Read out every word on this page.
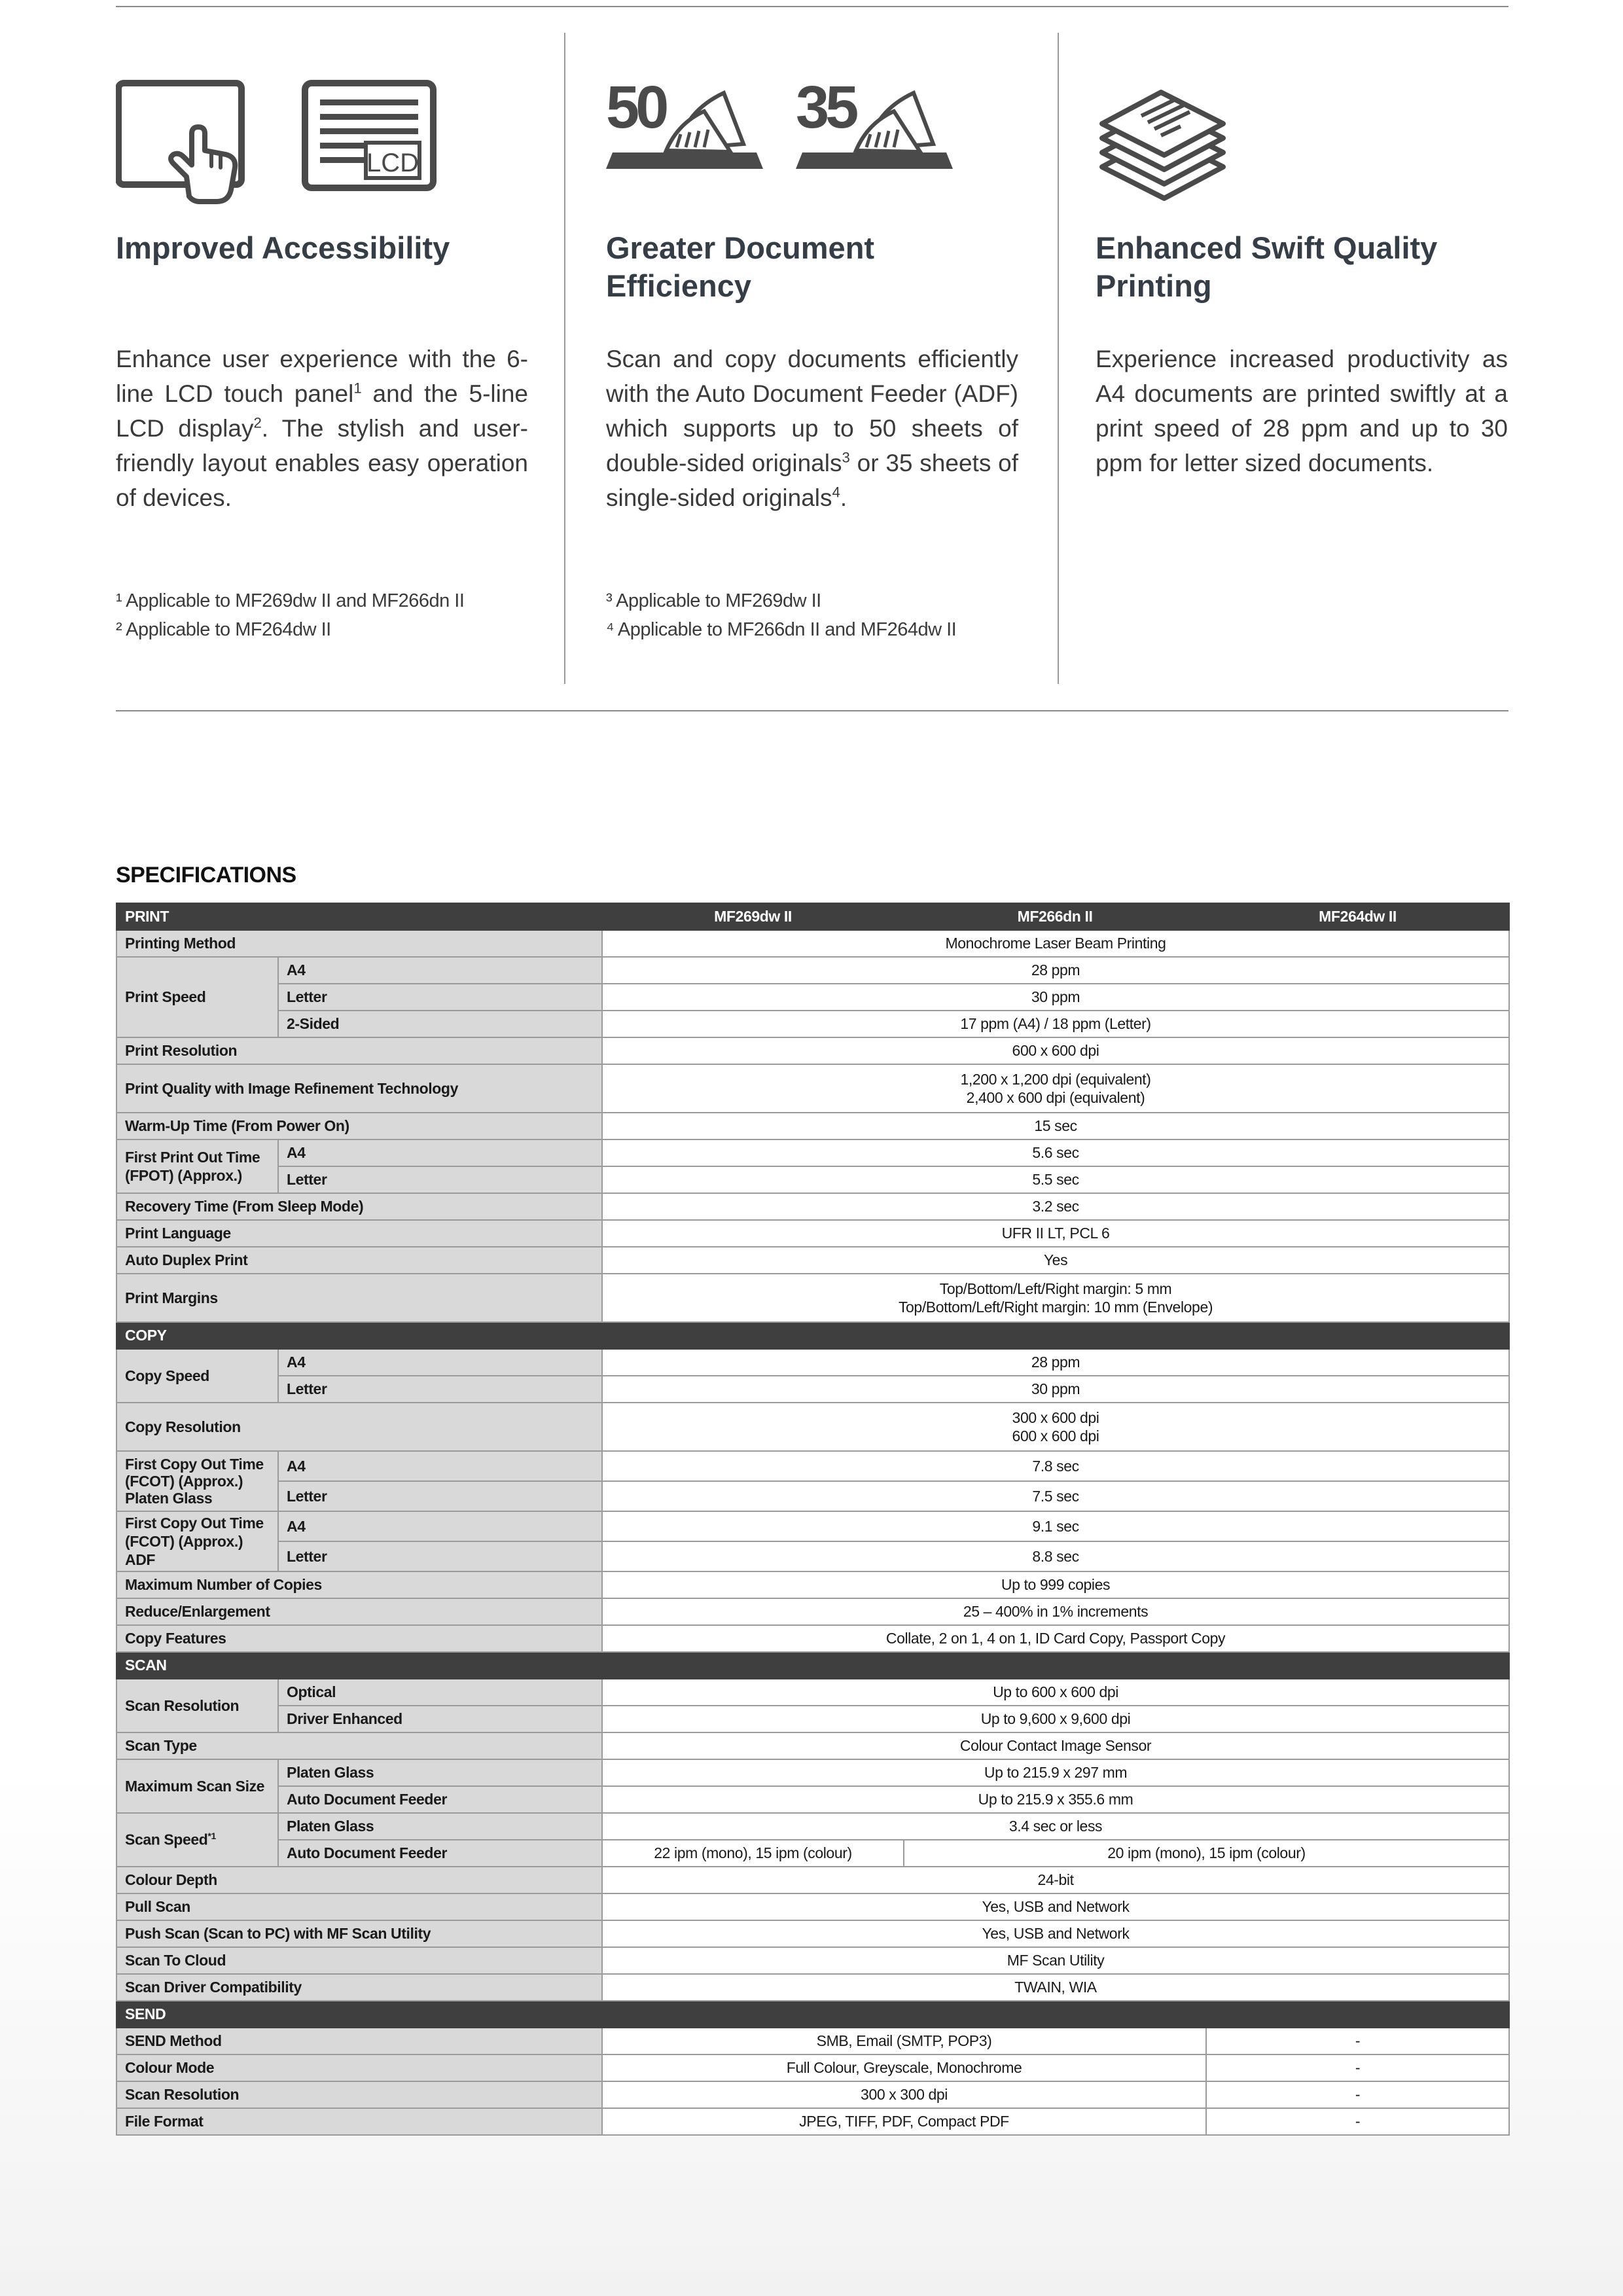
LCD
Improved Accessibility

Enhance user experience with the 6-line LCD touch panel$^1$ and the 5-line LCD display$^2$. The stylish and user-friendly layout enables easy operation of devices.

¹ Applicable to MF269dw II and MF266dn II
² Applicable to MF264dw II
50 35
Greater Document Efficiency

Scan and copy documents efficiently with the Auto Document Feeder (ADF) which supports up to 50 sheets of double-sided originals$^3$ or 35 sheets of single-sided originals$^4$.

³ Applicable to MF269dw II
⁴ Applicable to MF266dn II and MF264dw II
Enhanced Swift Quality Printing

Experience increased productivity as A4 documents are printed swiftly at a print speed of 28 ppm and up to 30 ppm for letter sized documents.

SPECIFICATIONS
PRINT		MF269dw II	MF266dn II	MF264dw II
Printing Method		Monochrome Laser Beam Printing		
Print Speed	A4	28 ppm		
	Letter	30 ppm		
	2-Sided	17 ppm (A4) / 18 ppm (Letter)		
Print Resolution		600 x 600 dpi		
Print Quality with Image Refinement Technology		1,200 x 1,200 dpi (equivalent)
2,400 x 600 dpi (equivalent)		
Warm-Up Time (From Power On)		15 sec		
First Print Out Time (FPOT) (Approx.)	A4	5.6 sec		
	Letter	5.5 sec		
Recovery Time (From Sleep Mode)		3.2 sec		
Print Language		UFR II LT, PCL 6		
Auto Duplex Print		Yes		
Print Margins		Top/Bottom/Left/Right margin: 5 mm
Top/Bottom/Left/Right margin: 10 mm (Envelope)		
COPY				
Copy Speed	A4	28 ppm		
	Letter	30 ppm		
Copy Resolution		300 x 600 dpi
600 x 600 dpi		
First Copy Out Time (FCOT) (Approx.) Platen Glass	A4	7.8 sec		
	Letter	7.5 sec		
First Copy Out Time (FCOT) (Approx.) ADF	A4	9.1 sec		
	Letter	8.8 sec		
Maximum Number of Copies		Up to 999 copies		
Reduce/Enlargement		25 – 400% in 1% increments		
Copy Features		Collate, 2 on 1, 4 on 1, ID Card Copy, Passport Copy		
SCAN				
Scan Resolution	Optical	Up to 600 x 600 dpi		
	Driver Enhanced	Up to 9,600 x 9,600 dpi		
Scan Type		Colour Contact Image Sensor		
Maximum Scan Size	Platen Glass	Up to 215.9 x 297 mm		
	Auto Document Feeder	Up to 215.9 x 355.6 mm		
Scan Speed$^{*1}$	Platen Glass	3.4 sec or less		
	Auto Document Feeder	22 ipm (mono), 15 ipm (colour)	20 ipm (mono), 15 ipm (colour)	
Colour Depth		24-bit		
Pull Scan		Yes, USB and Network		
Push Scan (Scan to PC) with MF Scan Utility		Yes, USB and Network		
Scan To Cloud		MF Scan Utility		
Scan Driver Compatibility		TWAIN, WIA		
SEND				
SEND Method		SMB, Email (SMTP, POP3)		-
Colour Mode		Full Colour, Greyscale, Monochrome		-
Scan Resolution		300 x 300 dpi		-
File Format		JPEG, TIFF, PDF, Compact PDF		-
